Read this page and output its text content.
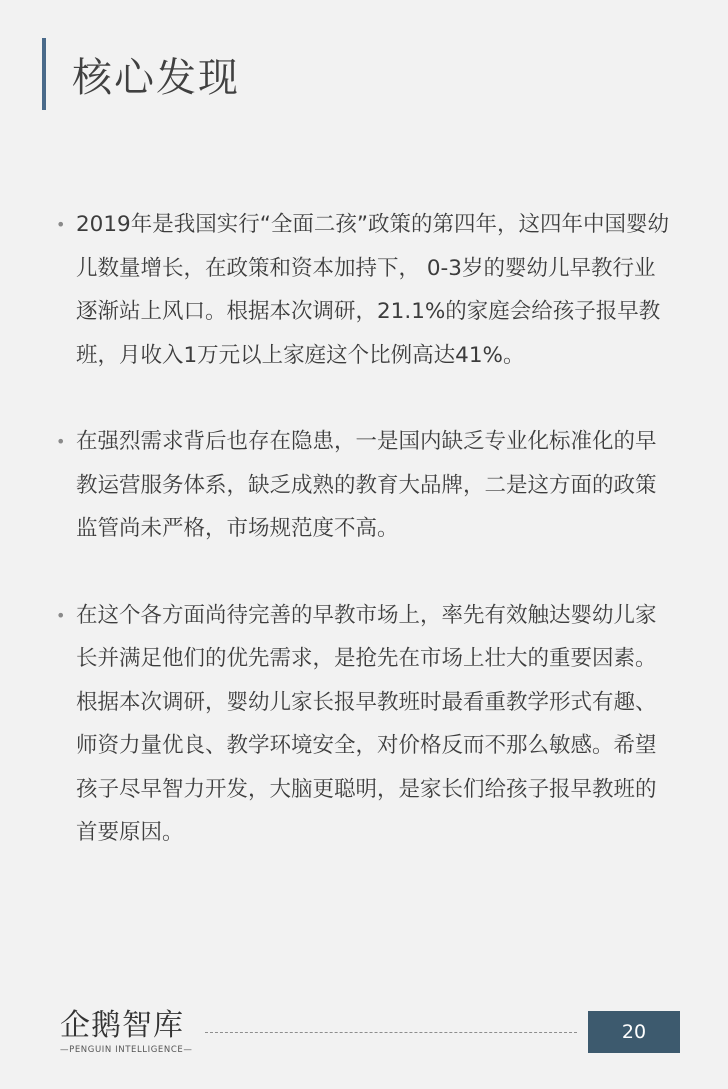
核心发现
• 2019年是我国实行“全面二孩”政策的第四年，这四年中国婴幼儿数量增长，在政策和资本加持下， 0-3岁的婴幼儿早教行业逐渐站上风口。根据本次调研，21.1%的家庭会给孩子报早教班，月收入1万元以上家庭这个比例高达41%。
• 在强烈需求背后也存在隐患，一是国内缺乏专业化标准化的早教运营服务体系，缺乏成熟的教育大品牌，二是这方面的政策监管尚未严格，市场规范度不高。
• 在这个各方面尚待完善的早教市场上，率先有效触达婴幼儿家长并满足他们的优先需求，是抢先在市场上壮大的重要因素。根据本次调研，婴幼儿家长报早教班时最看重教学形式有趣、师资力量优良、教学环境安全，对价格反而不那么敏感。希望孩子尽早智力开发，大脑更聪明，是家长们给孩子报早教班的首要原因。
企鹅智库
—PENGUIN INTELLIGENCE—
20
